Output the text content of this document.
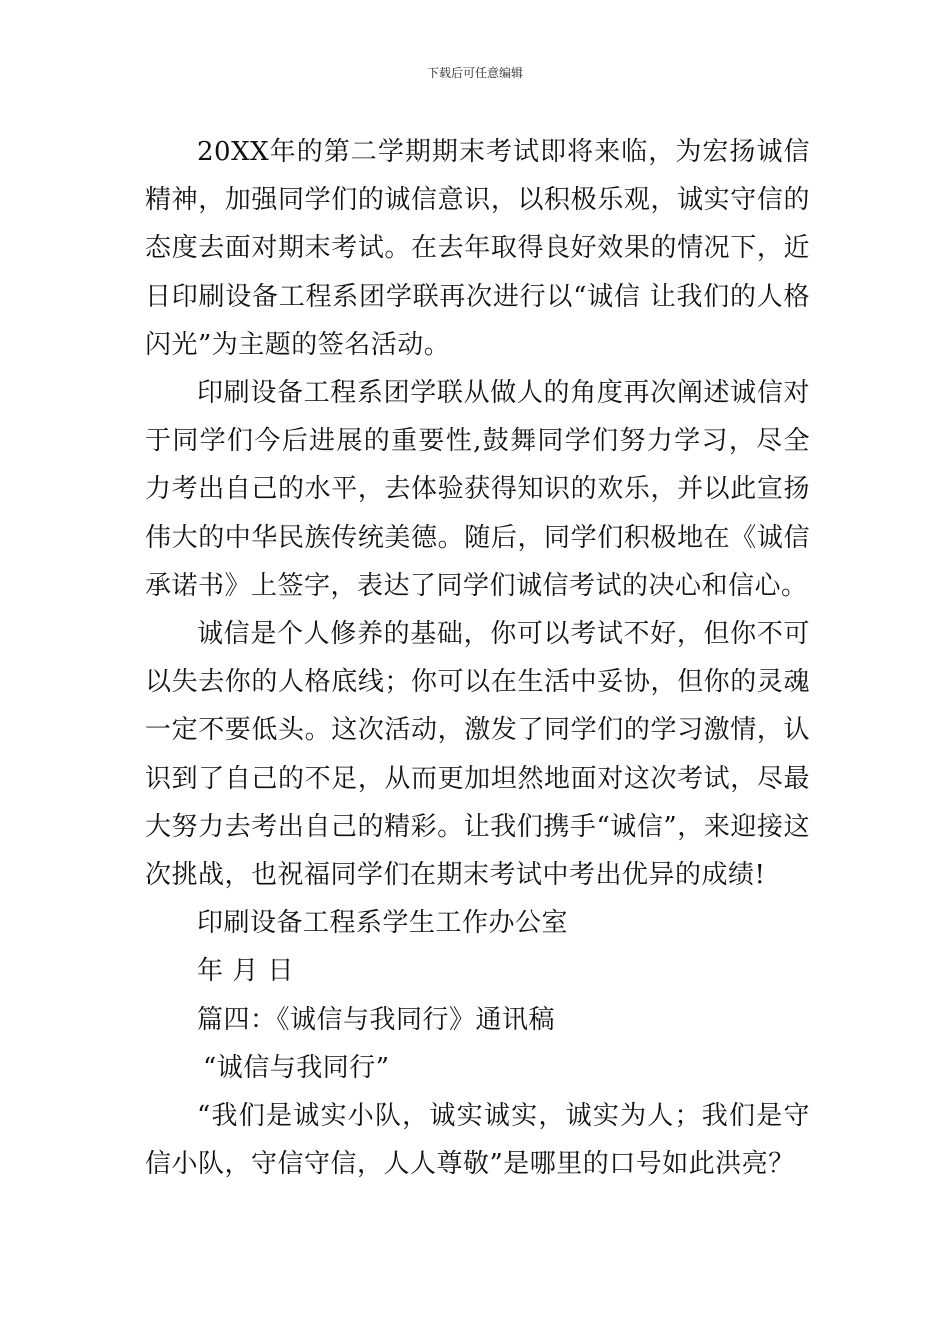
下载后可任意编辑

20XX年的第二学期期末考试即将来临，为宏扬诚信精神，加强同学们的诚信意识，以积极乐观，诚实守信的态度去面对期末考试。在去年取得良好效果的情况下，近日印刷设备工程系团学联再次进行以“诚信 让我们的人格闪光”为主题的签名活动。

印刷设备工程系团学联从做人的角度再次阐述诚信对于同学们今后进展的重要性,鼓舞同学们努力学习，尽全力考出自己的水平，去体验获得知识的欢乐，并以此宣扬伟大的中华民族传统美德。随后，同学们积极地在《诚信承诺书》上签字，表达了同学们诚信考试的决心和信心。

诚信是个人修养的基础，你可以考试不好，但你不可以失去你的人格底线；你可以在生活中妥协，但你的灵魂一定不要低头。这次活动，激发了同学们的学习激情，认识到了自己的不足，从而更加坦然地面对这次考试，尽最大努力去考出自己的精彩。让我们携手“诚信”，来迎接这次挑战，也祝福同学们在期末考试中考出优异的成绩!

印刷设备工程系学生工作办公室
年 月 日
篇四：《诚信与我同行》通讯稿
“诚信与我同行”

“我们是诚实小队，诚实诚实，诚实为人；我们是守信小队，守信守信，人人尊敬”是哪里的口号如此洪亮？
